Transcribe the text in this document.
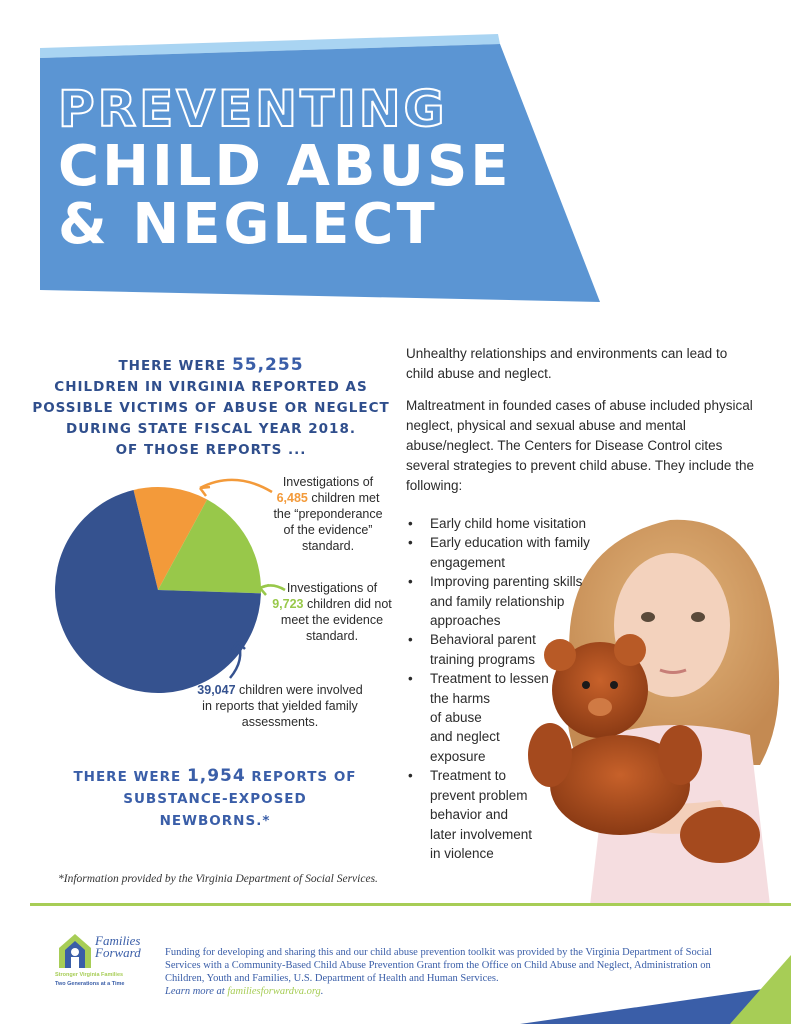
PREVENTING
CHILD ABUSE
& NEGLECT
THERE WERE 55,255
CHILDREN IN VIRGINIA REPORTED AS
POSSIBLE VICTIMS OF ABUSE OR NEGLECT
DURING STATE FISCAL YEAR 2018.
OF THOSE REPORTS ...
Investigations of
6,485 children met the “preponderance of the evidence” standard.
Investigations of
9,723 children did not meet the evidence standard.
39,047 children were involved in reports that yielded family assessments.
THERE WERE 1,954 REPORTS OF
SUBSTANCE-EXPOSED NEWBORNS.*

Unhealthy relationships and environments can lead to child abuse and neglect.

Maltreatment in founded cases of abuse included physical neglect, physical and sexual abuse and mental abuse/neglect. The Centers for Disease Control cites several strategies to prevent child abuse. They include the following:

• Early child home visitation
• Early education with family
engagement
• Improving parenting skills
and family relationship
approaches
• Behavioral parent
training programs
• Treatment to lessen
the harms
of abuse
and neglect
exposure
• Treatment to
prevent problem
behavior and
later involvement
in violence
*Information provided by the Virginia Department of Social Services.
Families
Forward
Stronger Virginia Families
Two Generations at a Time

Funding for developing and sharing this and our child abuse prevention toolkit was provided by the Virginia Department of Social Services with a Community-Based Child Abuse Prevention Grant from the Office on Child Abuse and Neglect, Administration on Children, Youth and Families, U.S. Department of Health and Human Services.
Learn more at familiesforwardva.org.
